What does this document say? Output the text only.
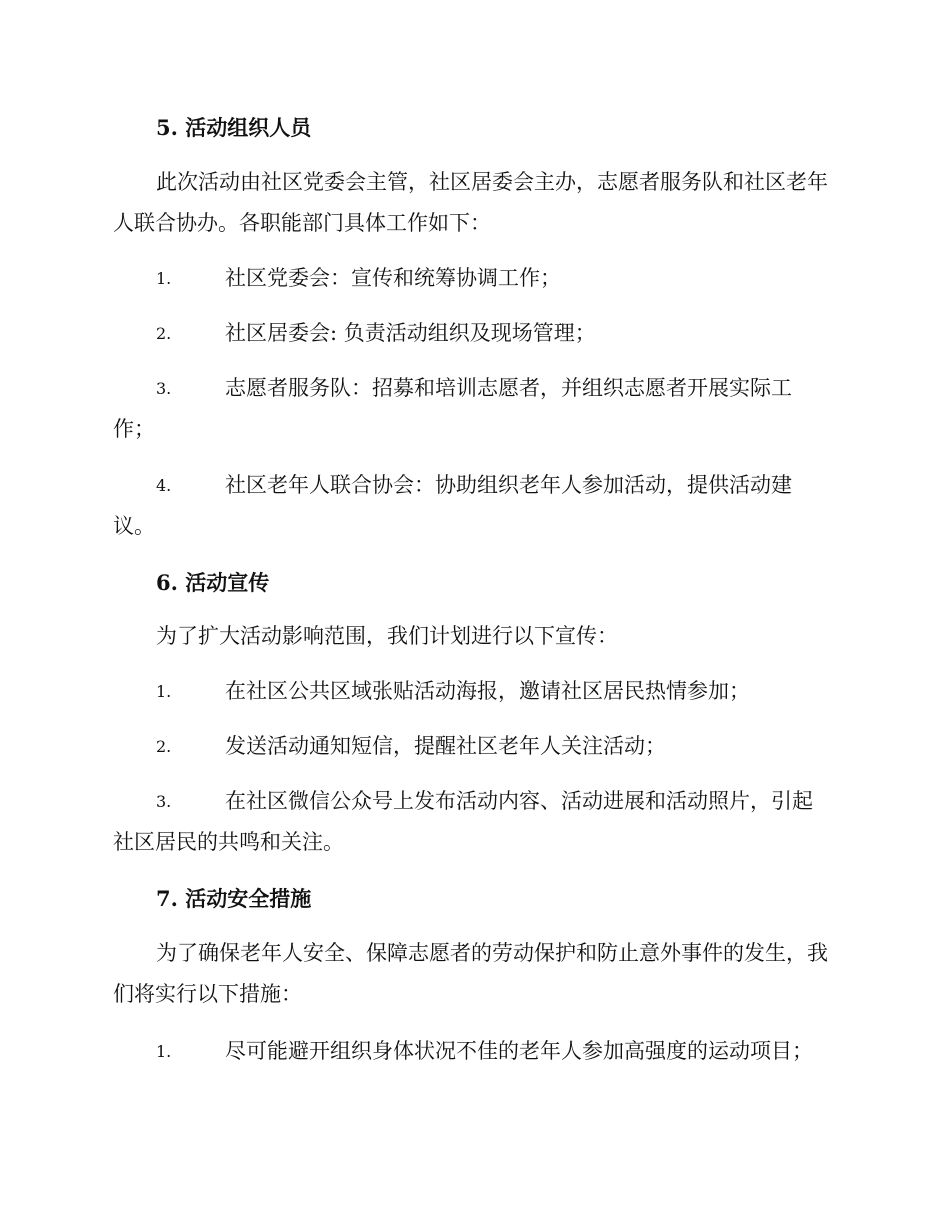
5. 活动组织人员
此次活动由社区党委会主管，社区居委会主办，志愿者服务队和社区老年人联合协办。各职能部门具体工作如下：
1.	社区党委会：宣传和统筹协调工作；
2.	社区居委会: 负责活动组织及现场管理；
3.	志愿者服务队：招募和培训志愿者，并组织志愿者开展实际工作；
4.	社区老年人联合协会：协助组织老年人参加活动，提供活动建议。
6. 活动宣传
为了扩大活动影响范围，我们计划进行以下宣传：
1.	在社区公共区域张贴活动海报，邀请社区居民热情参加；
2.	发送活动通知短信，提醒社区老年人关注活动；
3.	在社区微信公众号上发布活动内容、活动进展和活动照片，引起社区居民的共鸣和关注。
7. 活动安全措施
为了确保老年人安全、保障志愿者的劳动保护和防止意外事件的发生，我们将实行以下措施：
1.	尽可能避开组织身体状况不佳的老年人参加高强度的运动项目；
